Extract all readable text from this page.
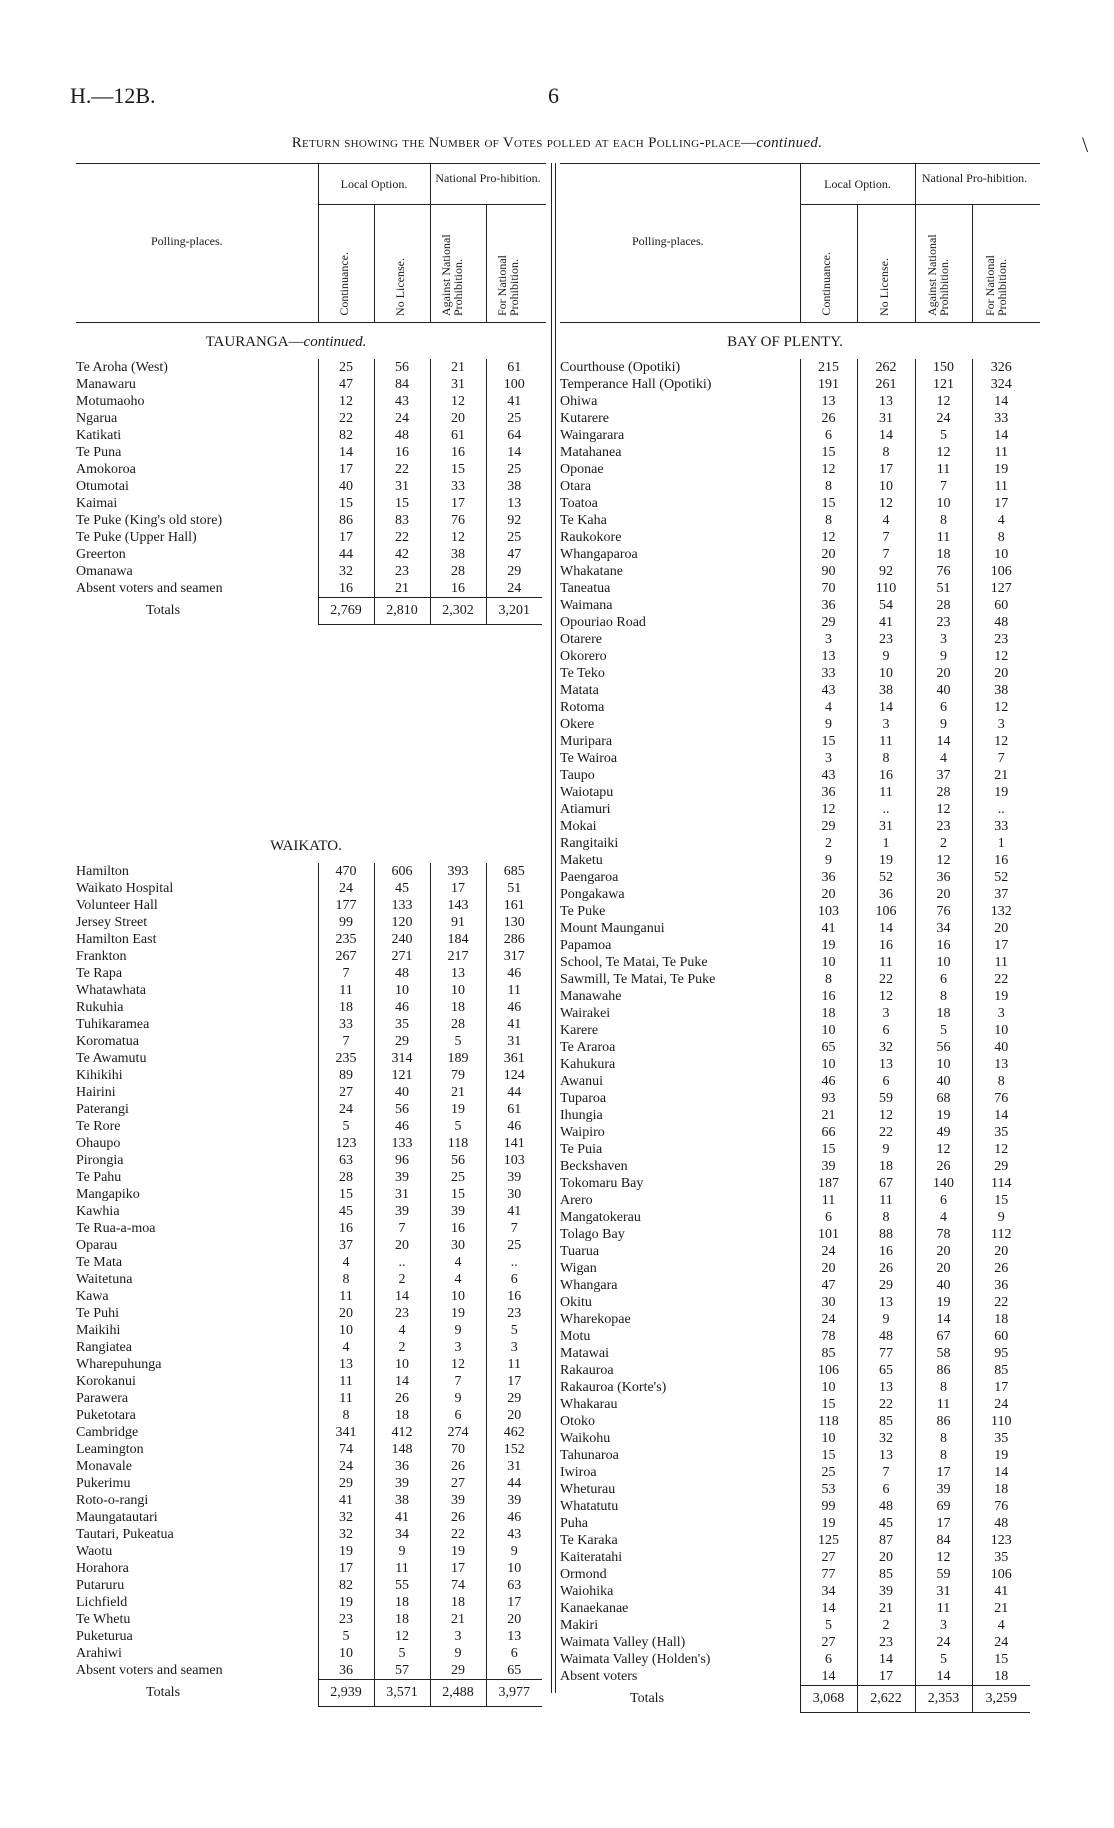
H.—12B.	6
Return showing the Number of Votes polled at each Polling-place—continued.	\
Polling-places.
Local Option.	National Pro-hibition.
Continuance.	No License.	Against National Prohibition.	For National Prohibition.
TAURANGA—continued.
Te Aroha (West)	25	56	21	61
Manawaru	47	84	31	100
Motumaoho	12	43	12	41
Ngarua	22	24	20	25
Katikati	82	48	61	64
Te Puna	14	16	16	14
Amokoroa	17	22	15	25
Otumotai	40	31	33	38
Kaimai	15	15	17	13
Te Puke (King's old store)	86	83	76	92
Te Puke (Upper Hall)	17	22	12	25
Greerton	44	42	38	47
Omanawa	32	23	28	29
Absent voters and seamen	16	21	16	24
Totals	2,769	2,810	2,302	3,201
WAIKATO.
Hamilton	470	606	393	685
Waikato Hospital	24	45	17	51
Volunteer Hall	177	133	143	161
Jersey Street	99	120	91	130
Hamilton East	235	240	184	286
Frankton	267	271	217	317
Te Rapa	7	48	13	46
Whatawhata	11	10	10	11
Rukuhia	18	46	18	46
Tuhikaramea	33	35	28	41
Koromatua	7	29	5	31
Te Awamutu	235	314	189	361
Kihikihi	89	121	79	124
Hairini	27	40	21	44
Paterangi	24	56	19	61
Te Rore	5	46	5	46
Ohaupo	123	133	118	141
Pirongia	63	96	56	103
Te Pahu	28	39	25	39
Mangapiko	15	31	15	30
Kawhia	45	39	39	41
Te Rua-a-moa	16	7	16	7
Oparau	37	20	30	25
Te Mata	4	..	4	..
Waitetuna	8	2	4	6
Kawa	11	14	10	16
Te Puhi	20	23	19	23
Maikihi	10	4	9	5
Rangiatea	4	2	3	3
Wharepuhunga	13	10	12	11
Korokanui	11	14	7	17
Parawera	11	26	9	29
Puketotara	8	18	6	20
Cambridge	341	412	274	462
Leamington	74	148	70	152
Monavale	24	36	26	31
Pukerimu	29	39	27	44
Roto-o-rangi	41	38	39	39
Maungatautari	32	41	26	46
Tautari, Pukeatua	32	34	22	43
Waotu	19	9	19	9
Horahora	17	11	17	10
Putaruru	82	55	74	63
Lichfield	19	18	18	17
Te Whetu	23	18	21	20
Puketurua	5	12	3	13
Arahiwi	10	5	9	6
Absent voters and seamen	36	57	29	65
Totals	2,939	3,571	2,488	3,977
Polling-places.
Local Option.	National Pro-hibition.
Continuance.	No License.	Against National Prohibition.	For National Prohibition.
BAY OF PLENTY.
Courthouse (Opotiki)	215	262	150	326
Temperance Hall (Opotiki)	191	261	121	324
Ohiwa	13	13	12	14
Kutarere	26	31	24	33
Waingarara	6	14	5	14
Matahanea	15	8	12	11
Oponae	12	17	11	19
Otara	8	10	7	11
Toatoa	15	12	10	17
Te Kaha	8	4	8	4
Raukokore	12	7	11	8
Whangaparoa	20	7	18	10
Whakatane	90	92	76	106
Taneatua	70	110	51	127
Waimana	36	54	28	60
Opouriao Road	29	41	23	48
Otarere	3	23	3	23
Okorero	13	9	9	12
Te Teko	33	10	20	20
Matata	43	38	40	38
Rotoma	4	14	6	12
Okere	9	3	9	3
Muripara	15	11	14	12
Te Wairoa	3	8	4	7
Taupo	43	16	37	21
Waiotapu	36	11	28	19
Atiamuri	12	..	12	..
Mokai	29	31	23	33
Rangitaiki	2	1	2	1
Maketu	9	19	12	16
Paengaroa	36	52	36	52
Pongakawa	20	36	20	37
Te Puke	103	106	76	132
Mount Maunganui	41	14	34	20
Papamoa	19	16	16	17
School, Te Matai, Te Puke	10	11	10	11
Sawmill, Te Matai, Te Puke	8	22	6	22
Manawahe	16	12	8	19
Wairakei	18	3	18	3
Karere	10	6	5	10
Te Araroa	65	32	56	40
Kahukura	10	13	10	13
Awanui	46	6	40	8
Tuparoa	93	59	68	76
Ihungia	21	12	19	14
Waipiro	66	22	49	35
Te Puia	15	9	12	12
Beckshaven	39	18	26	29
Tokomaru Bay	187	67	140	114
Arero	11	11	6	15
Mangatokerau	6	8	4	9
Tolago Bay	101	88	78	112
Tuarua	24	16	20	20
Wigan	20	26	20	26
Whangara	47	29	40	36
Okitu	30	13	19	22
Wharekopae	24	9	14	18
Motu	78	48	67	60
Matawai	85	77	58	95
Rakauroa	106	65	86	85
Rakauroa (Korte's)	10	13	8	17
Whakarau	15	22	11	24
Otoko	118	85	86	110
Waikohu	10	32	8	35
Tahunaroa	15	13	8	19
Iwiroa	25	7	17	14
Wheturau	53	6	39	18
Whatatutu	99	48	69	76
Puha	19	45	17	48
Te Karaka	125	87	84	123
Kaiteratahi	27	20	12	35
Ormond	77	85	59	106
Waiohika	34	39	31	41
Kanaekanae	14	21	11	21
Makiri	5	2	3	4
Waimata Valley (Hall)	27	23	24	24
Waimata Valley (Holden's)	6	14	5	15
Absent voters	14	17	14	18
Totals	3,068	2,622	2,353	3,259
